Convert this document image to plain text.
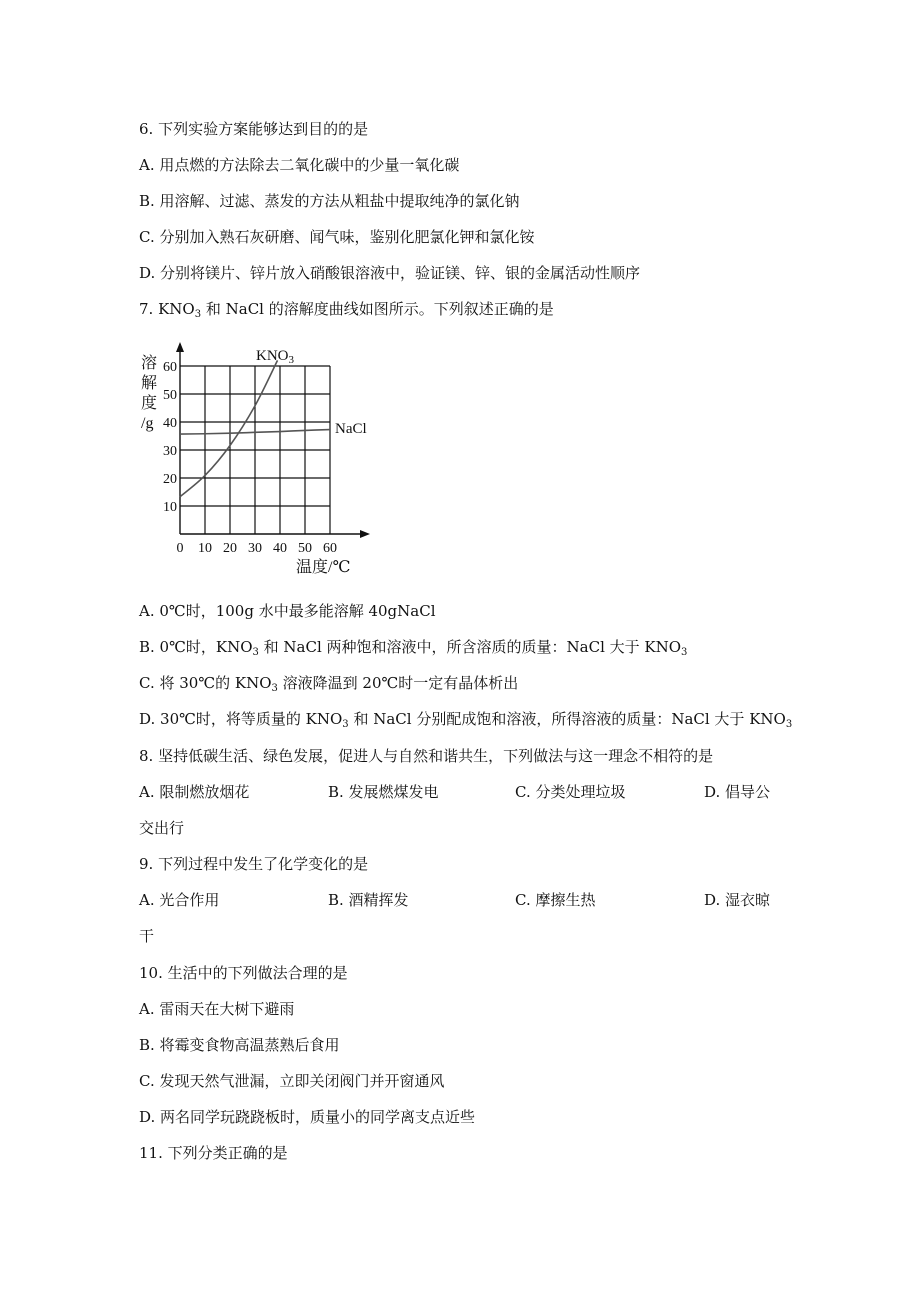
6. 下列实验方案能够达到目的的是
A. 用点燃的方法除去二氧化碳中的少量一氧化碳
B. 用溶解、过滤、蒸发的方法从粗盐中提取纯净的氯化钠
C. 分别加入熟石灰研磨、闻气味，鉴别化肥氯化钾和氯化铵
D. 分别将镁片、锌片放入硝酸银溶液中，验证镁、锌、银的金属活动性顺序
7. $KNO_3$ 和 NaCl 的溶解度曲线如图所示。下列叙述正确的是
0 10 20 30 40 50 60
10
20
30
40
50
60
溶
解
度
/g
温度/℃
$KNO_3$
NaCl
A. 0℃时，100g 水中最多能溶解 40gNaCl
B. 0℃时，$KNO_3$ 和 NaCl 两种饱和溶液中，所含溶质的质量：NaCl 大于 $KNO_3$
C. 将 30℃的 $KNO_3$ 溶液降温到 20℃时一定有晶体析出
D. 30℃时，将等质量的 $KNO_3$ 和 NaCl 分别配成饱和溶液，所得溶液的质量：NaCl 大于 $KNO_3$
8. 坚持低碳生活、绿色发展，促进人与自然和谐共生，下列做法与这一理念不相符的是
A. 限制燃放烟花	B. 发展燃煤发电	C. 分类处理垃圾	D. 倡导公
交出行
9. 下列过程中发生了化学变化的是
A. 光合作用	B. 酒精挥发	C. 摩擦生热	D. 湿衣晾
干
10. 生活中的下列做法合理的是
A. 雷雨天在大树下避雨
B. 将霉变食物高温蒸熟后食用
C. 发现天然气泄漏，立即关闭阀门并开窗通风
D. 两名同学玩跷跷板时，质量小的同学离支点近些
11. 下列分类正确的是
